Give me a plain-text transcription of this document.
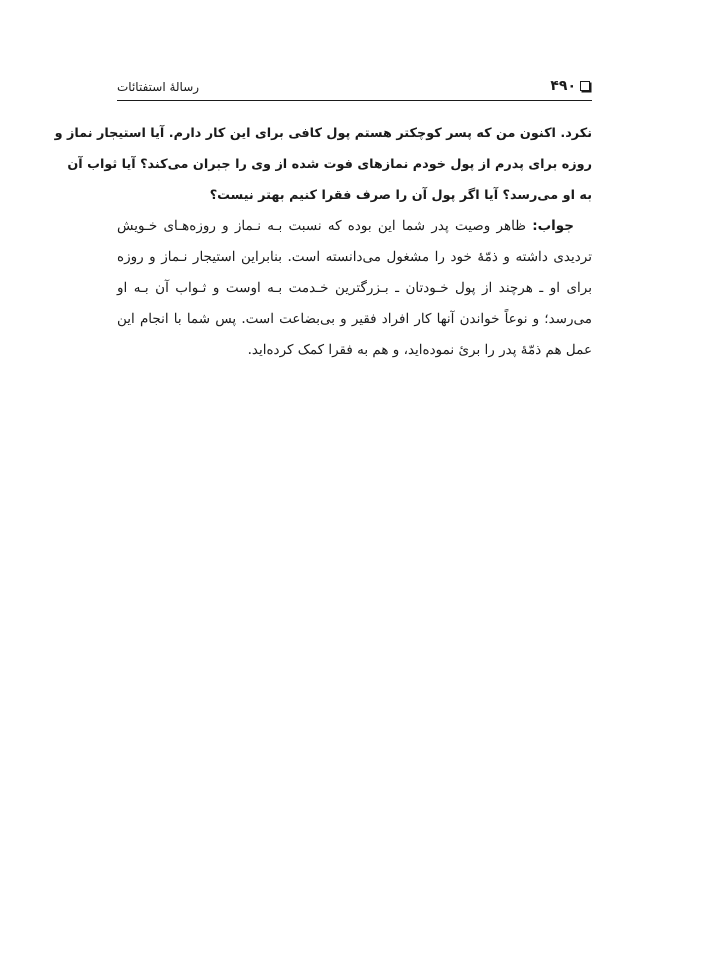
۴۹۰
رسالهٔ استفتائات
نکرد. اکنون من که پسر کوچکتر هستم پول کافی برای این کار دارم. آیا استیجار نماز و
روزه برای پدرم از پول خودم نمازهای فوت شده از وی را جبران می‌کند؟ آیا ثواب آن
به او می‌رسد؟ آیا اگر پول آن را صرف فقرا کنیم بهتر نیست؟
جواب: ظاهر وصیت پدر شما این بوده که نسبت بـه نـماز و روزه‌هـای خـویش
تردیدی داشته و ذمّهٔ خود را مشغول می‌دانسته است. بنابراین استیجار نـماز و روزه
برای او ـ هرچند از پول خـودتان ـ بـزرگترین خـدمت بـه اوست و ثـواب آن بـه او
می‌رسد؛ و نوعاً خواندن آنها کار افراد فقیر و بی‌بضاعت است. پس شما با انجام این
عمل هم ذمّهٔ پدر را بریٔ نموده‌اید، و هم به فقرا کمک کرده‌اید.
